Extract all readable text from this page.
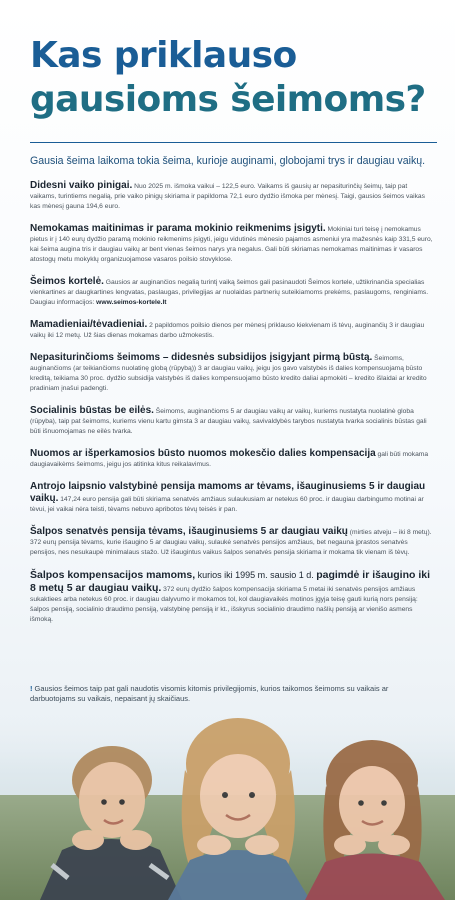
Kas priklauso
gausioms šeimoms?
Gausia šeima laikoma tokia šeima, kurioje auginami, globojami trys ir daugiau vaikų.

Didesni vaiko pinigai. Nuo 2025 m. išmoka vaikui – 122,5 euro. Vaikams iš gausių ar nepasiturinčių šeimų, taip pat vaikams, turintiems negalią, prie vaiko pinigų skiriama ir papildoma 72,1 euro dydžio išmoka per mėnesį. Taigi, gausios šeimos vaikas kas mėnesį gauna 194,6 euro.

Nemokamas maitinimas ir parama mokinio reikmenims įsigyti. Mokiniai turi teisę į nemokamus pietus ir į 140 eurų dydžio paramą mokinio reikmenims įsigyti, jeigu vidutinės mėnesio pajamos asmeniui yra mažesnės kaip 331,5 euro, kai šeima augina tris ir daugiau vaikų ar bent vienas šeimos narys yra negalus. Gali būti skiriamas nemokamas maitinimas ir vasaros atostogų metu mokyklų organizuojamose vasaros poilsio stovyklose.

Šeimos kortelė. Gausios ar auginančios negalią turintį vaiką šeimos gali pasinaudoti Šeimos kortele, užtikrinančia specialias vienkartines ar daugkartines lengvatas, paslaugas, privilegijas ar nuolaidas partnerių suteikiamoms prekėms, paslaugoms, renginiams. Daugiau informacijos: www.seimos-kortele.lt

Mamadieniai/tėvadieniai. 2 papildomos poilsio dienos per mėnesį priklauso kiekvienam iš tėvų, auginančių 3 ir daugiau vaikų iki 12 metų. Už šias dienas mokamas darbo užmokestis.

Nepasiturinčioms šeimoms – didesnės subsidijos įsigyjant pirmą būstą. Šeimoms, auginančioms (ar teikiančioms nuolatinę globą (rūpybą)) 3 ar daugiau vaikų, jeigu jos gavo valstybės iš dalies kompensuojamą būsto kreditą, teikiama 30 proc. dydžio subsidija valstybės iš dalies kompensuojamo būsto kredito daliai apmokėti – kredito išlaidai ar kredito pradiniam įnašui padengti.

Socialinis būstas be eilės. Šeimoms, auginančioms 5 ar daugiau vaikų ar vaikų, kuriems nustatyta nuolatinė globa (rūpyba), taip pat šeimoms, kuriems vienu kartu gimsta 3 ar daugiau vaikų, savivaldybės tarybos nustatyta tvarka socialinis būstas gali būti išnuomojamas ne eilės tvarka.

Nuomos ar išperkamosios būsto nuomos mokesčio dalies kompensacija gali būti mokama daugiavaikėms šeimoms, jeigu jos atitinka kitus reikalavimus.

Antrojo laipsnio valstybinė pensija mamoms ar tėvams, išauginusiems 5 ir daugiau vaikų. 147,24 euro pensija gali būti skiriama senatvės amžiaus sulaukusiam ar netekus 60 proc. ir daugiau darbingumo motinai ar tėvui, jei vaikai nėra teisti, tėvams nebuvo apribotos tėvų teisės ir pan.

Šalpos senatvės pensija tėvams, išauginusiems 5 ar daugiau vaikų (mirties atveju – iki 8 metų). 372 eurų pensija tėvams, kurie išaugino 5 ar daugiau vaikų, sulaukė senatvės pensijos amžiaus, bet negauna įprastos senatvės pensijos, nes nesukaupė minimalaus stažo. Už išaugintus vaikus šalpos senatvės pensija skiriama ir mokama tik vienam iš tėvų.

Šalpos kompensacijos mamoms, kurios iki 1995 m. sausio 1 d. pagimdė ir išaugino iki 8 metų 5 ar daugiau vaikų. 372 eurų dydžio šalpos kompensacija skiriama 5 metai iki senatvės pensijos amžiaus sukaktiees arba netekus 60 proc. ir daugiau dalyvumo ir mokamos tol, kol daugiavaikės motinos įgyja teisę gauti kurią nors pensiją: šalpos pensiją, socialinio draudimo pensiją, valstybinę pensiją ir kt., išskyrus socialinio draudimo našlių pensiją ar vienišo asmens išmoką.

! Gausios šeimos taip pat gali naudotis visomis kitomis privilegijomis, kurios taikomos šeimoms su vaikais ar darbuotojams su vaikais, nepaisant jų skaičiaus.
